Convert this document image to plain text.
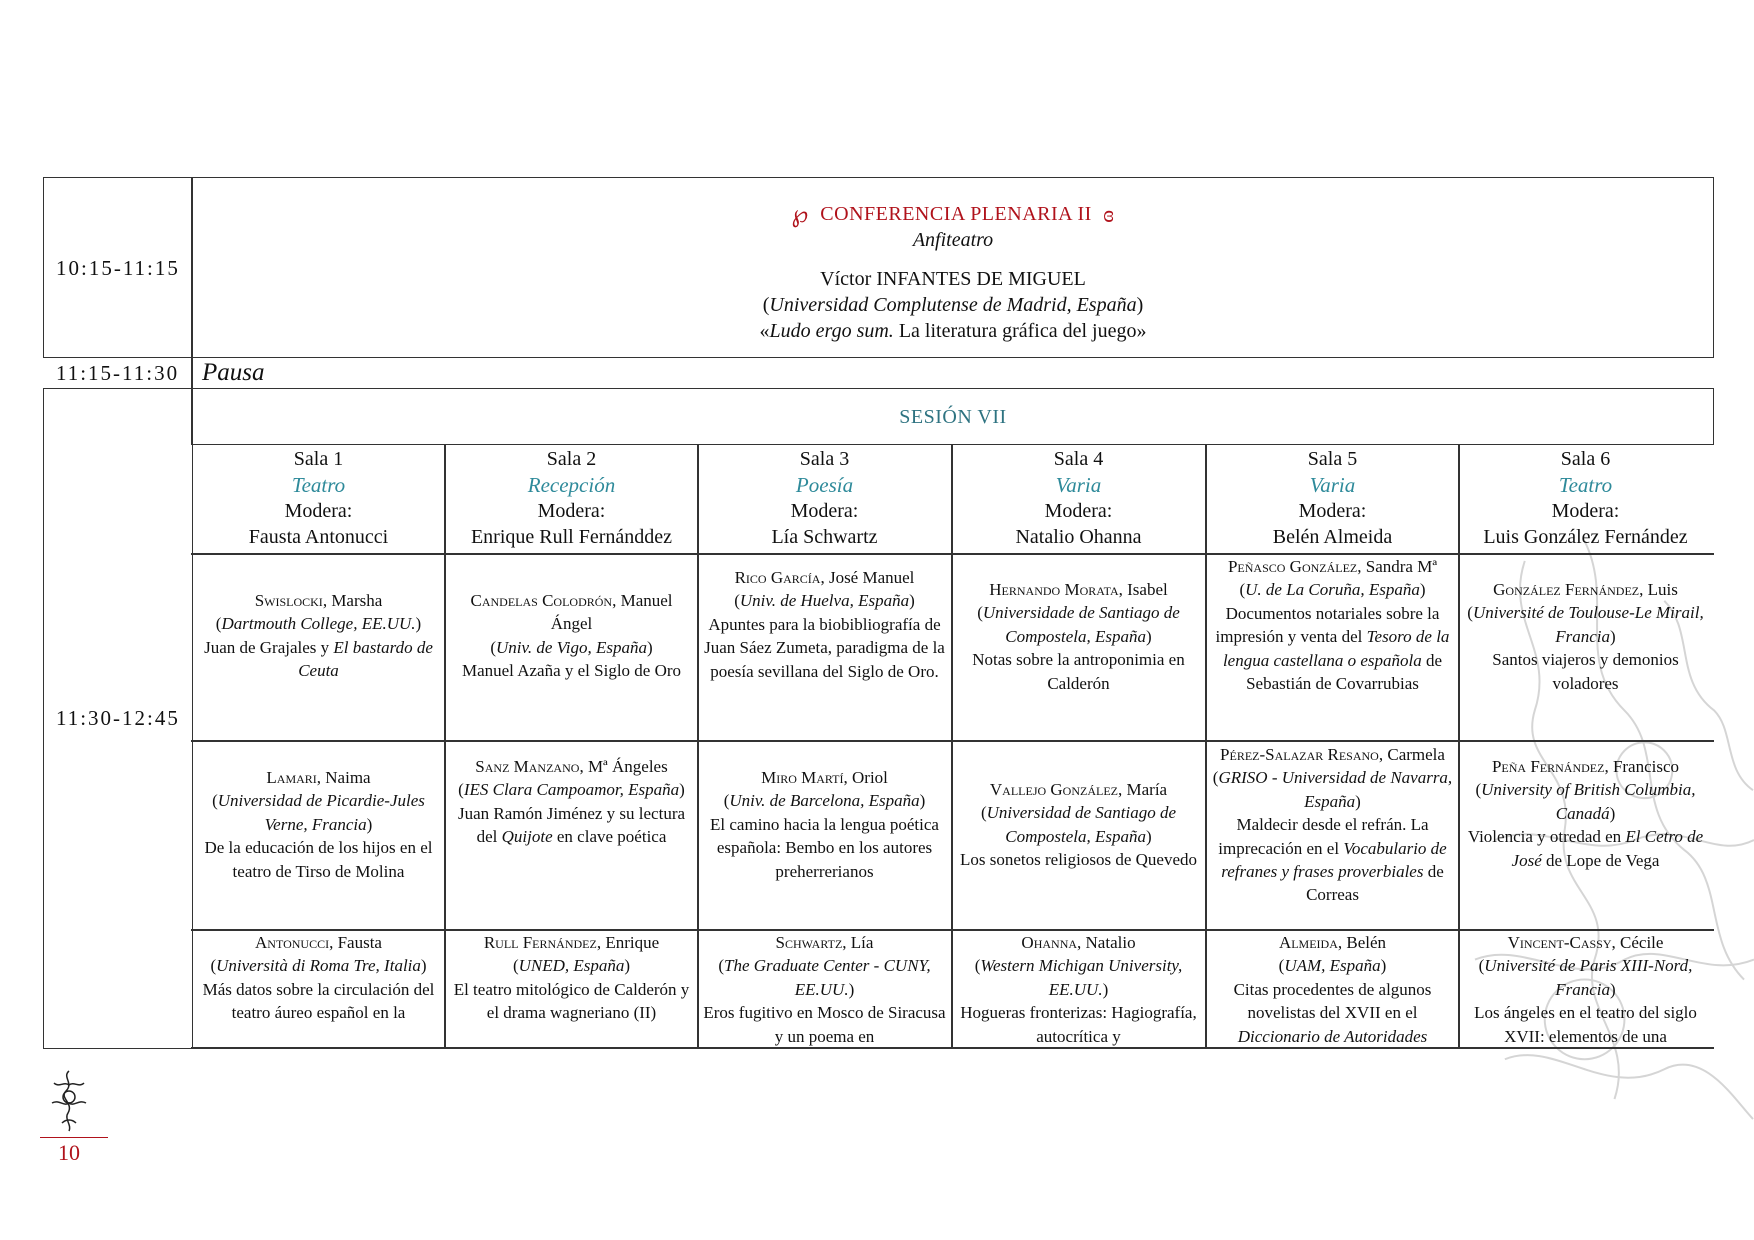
10:15-11:15
℘ CONFERENCIA PLENARIA II ɞ
Anfiteatro
Víctor INFANTES DE MIGUEL
(Universidad Complutense de Madrid, España)
«Ludo ergo sum. La literatura gráfica del juego»
11:15-11:30 Pausa
SESIÓN VII
11:30-12:45
Sala 1
Teatro
Modera:
Fausta Antonucci
Sala 2
Recepción
Modera:
Enrique Rull Fernánddez
Sala 3
Poesía
Modera:
Lía Schwartz
Sala 4
Varia
Modera:
Natalio Ohanna
Sala 5
Varia
Modera:
Belén Almeida
Sala 6
Teatro
Modera:
Luis González Fernández
Swislocki, Marsha
(Dartmouth College, EE.UU.)
Juan de Grajales y El bastardo de Ceuta
Candelas Colodrón, Manuel Ángel
(Univ. de Vigo, España)
Manuel Azaña y el Siglo de Oro
Rico García, José Manuel
(Univ. de Huelva, España)
Apuntes para la biobibliografía de Juan Sáez Zumeta, paradigma de la poesía sevillana del Siglo de Oro.
Hernando Morata, Isabel
(Universidade de Santiago de Compostela, España)
Notas sobre la antroponimia en Calderón
Peñasco González, Sandra Mª
(U. de La Coruña, España)
Documentos notariales sobre la impresión y venta del Tesoro de la lengua castellana o española de Sebastián de Covarrubias
González Fernández, Luis
(Université de Toulouse-Le Mirail, Francia)
Santos viajeros y demonios voladores
Lamari, Naima
(Universidad de Picardie-Jules Verne, Francia)
De la educación de los hijos en el teatro de Tirso de Molina
Sanz Manzano, Mª Ángeles
(IES Clara Campoamor, España)
Juan Ramón Jiménez y su lectura del Quijote en clave poética
Miro Martí, Oriol
(Univ. de Barcelona, España)
El camino hacia la lengua poética española: Bembo en los autores preherrerianos
Vallejo González, María
(Universidad de Santiago de Compostela, España)
Los sonetos religiosos de Quevedo
Pérez-Salazar Resano, Carmela
(GRISO - Universidad de Navarra, España)
Maldecir desde el refrán. La imprecación en el Vocabulario de refranes y frases proverbiales de Correas
Peña Fernández, Francisco
(University of British Columbia, Canadá)
Violencia y otredad en El Cetro de José de Lope de Vega
Antonucci, Fausta
(Università di Roma Tre, Italia)
Más datos sobre la circulación del teatro áureo español en la
Rull Fernández, Enrique
(UNED, España)
El teatro mitológico de Calderón y el drama wagneriano (II)
Schwartz, Lía
(The Graduate Center - CUNY, EE.UU.)
Eros fugitivo en Mosco de Siracusa y un poema en
Ohanna, Natalio
(Western Michigan University, EE.UU.)
Hogueras fronterizas: Hagiografía, autocrítica y
Almeida, Belén
(UAM, España)
Citas procedentes de algunos novelistas del XVII en el Diccionario de Autoridades
Vincent-Cassy, Cécile
(Université de Paris XIII-Nord, Francia)
Los ángeles en el teatro del siglo XVII: elementos de una
10
